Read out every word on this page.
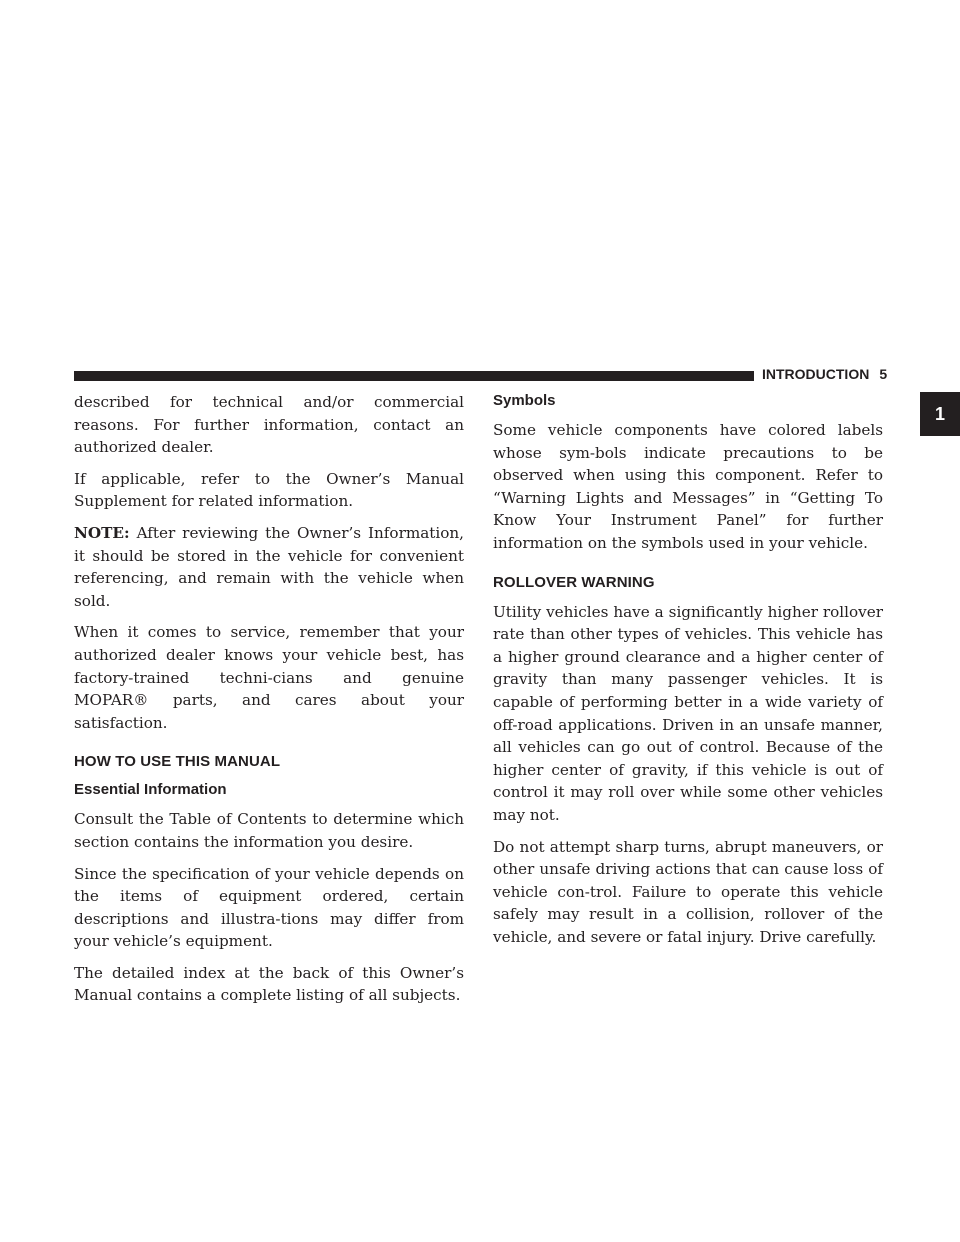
INTRODUCTION 5
1

described for technical and/or commercial reasons. For further information, contact an authorized dealer.

If applicable, refer to the Owner’s Manual Supplement for related information.

NOTE: After reviewing the Owner’s Information, it should be stored in the vehicle for convenient referencing, and remain with the vehicle when sold.

When it comes to service, remember that your authorized dealer knows your vehicle best, has factory-trained techni-cians and genuine MOPAR® parts, and cares about your satisfaction.

HOW TO USE THIS MANUAL
Essential Information

Consult the Table of Contents to determine which section contains the information you desire.

Since the specification of your vehicle depends on the items of equipment ordered, certain descriptions and illustra-tions may differ from your vehicle’s equipment.

The detailed index at the back of this Owner’s Manual contains a complete listing of all subjects.

Symbols

Some vehicle components have colored labels whose sym-bols indicate precautions to be observed when using this component. Refer to “Warning Lights and Messages” in “Getting To Know Your Instrument Panel” for further information on the symbols used in your vehicle.

ROLLOVER WARNING

Utility vehicles have a significantly higher rollover rate than other types of vehicles. This vehicle has a higher ground clearance and a higher center of gravity than many passenger vehicles. It is capable of performing better in a wide variety of off-road applications. Driven in an unsafe manner, all vehicles can go out of control. Because of the higher center of gravity, if this vehicle is out of control it may roll over while some other vehicles may not.

Do not attempt sharp turns, abrupt maneuvers, or other unsafe driving actions that can cause loss of vehicle con-trol. Failure to operate this vehicle safely may result in a collision, rollover of the vehicle, and severe or fatal injury. Drive carefully.
